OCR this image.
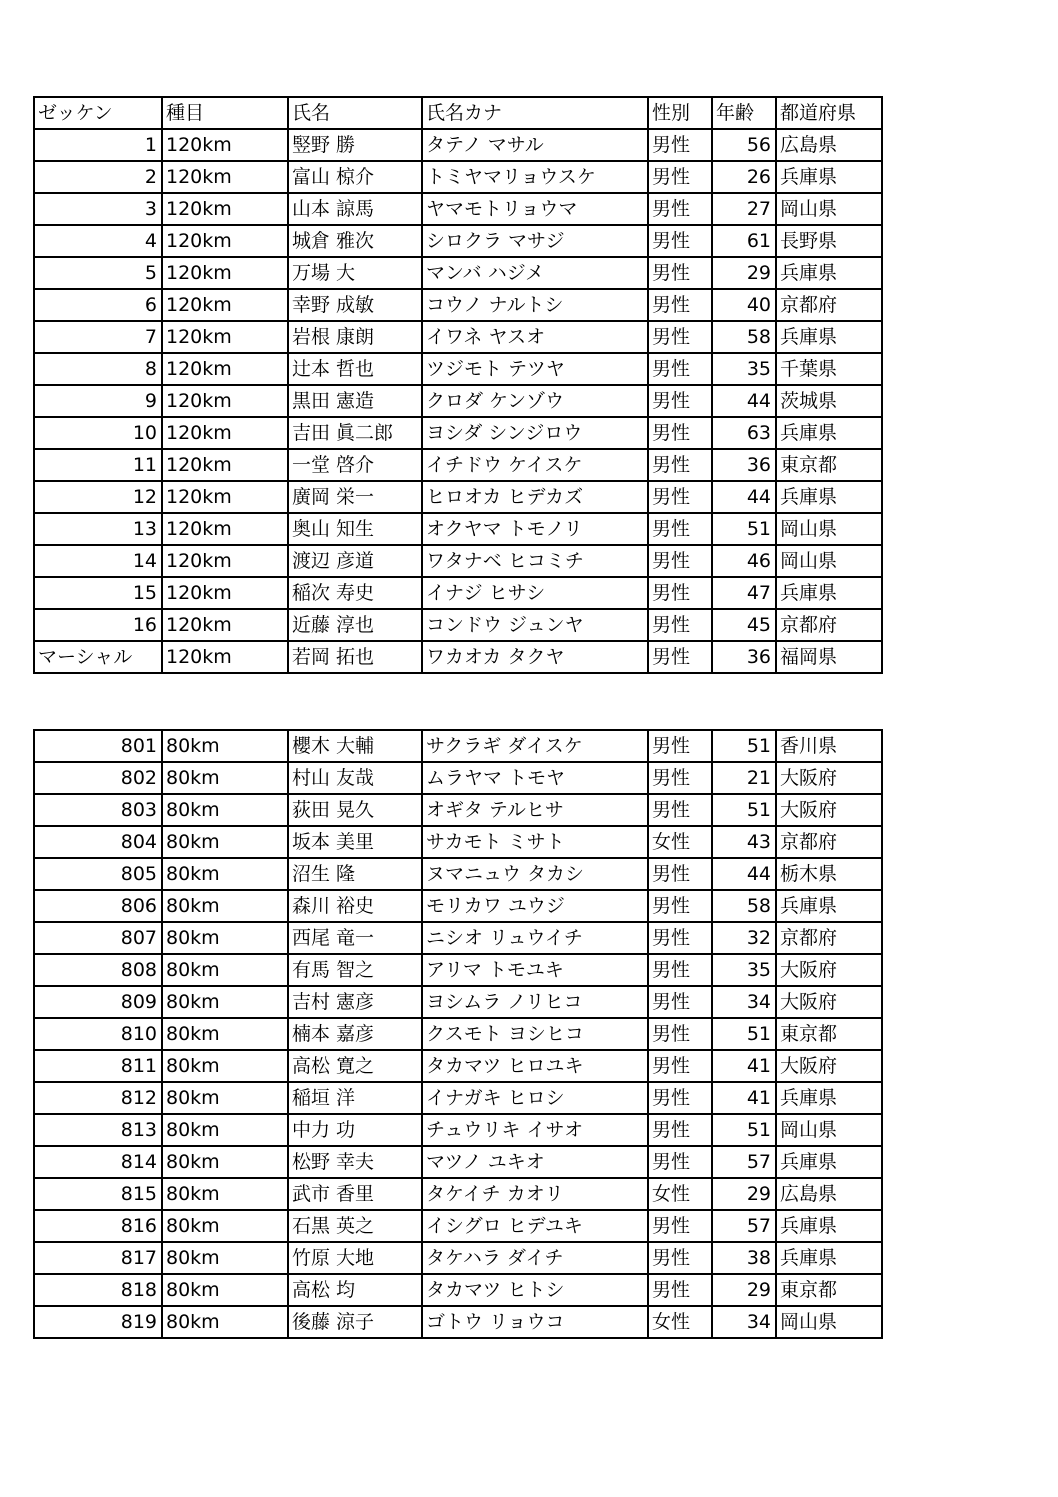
ゼッケン	種目	氏名	氏名カナ	性別	年齢	都道府県
1	120km	竪野 勝	タテノ マサル	男性	56	広島県
2	120km	富山 椋介	トミヤマリョウスケ	男性	26	兵庫県
3	120km	山本 諒馬	ヤマモトリョウマ	男性	27	岡山県
4	120km	城倉 雅次	シロクラ マサジ	男性	61	長野県
5	120km	万場 大	マンバ ハジメ	男性	29	兵庫県
6	120km	幸野 成敏	コウノ ナルトシ	男性	40	京都府
7	120km	岩根 康朗	イワネ ヤスオ	男性	58	兵庫県
8	120km	辻本 哲也	ツジモト テツヤ	男性	35	千葉県
9	120km	黒田 憲造	クロダ ケンゾウ	男性	44	茨城県
10	120km	吉田 眞二郎	ヨシダ シンジロウ	男性	63	兵庫県
11	120km	一堂 啓介	イチドウ ケイスケ	男性	36	東京都
12	120km	廣岡 栄一	ヒロオカ ヒデカズ	男性	44	兵庫県
13	120km	奥山 知生	オクヤマ トモノリ	男性	51	岡山県
14	120km	渡辺 彦道	ワタナベ ヒコミチ	男性	46	岡山県
15	120km	稲次 寿史	イナジ ヒサシ	男性	47	兵庫県
16	120km	近藤 淳也	コンドウ ジュンヤ	男性	45	京都府
マーシャル	120km	若岡 拓也	ワカオカ タクヤ	男性	36	福岡県
801	80km	櫻木 大輔	サクラギ ダイスケ	男性	51	香川県
802	80km	村山 友哉	ムラヤマ トモヤ	男性	21	大阪府
803	80km	荻田 晃久	オギタ テルヒサ	男性	51	大阪府
804	80km	坂本 美里	サカモト ミサト	女性	43	京都府
805	80km	沼生 隆	ヌマニュウ タカシ	男性	44	栃木県
806	80km	森川 裕史	モリカワ ユウジ	男性	58	兵庫県
807	80km	西尾 竜一	ニシオ リュウイチ	男性	32	京都府
808	80km	有馬 智之	アリマ トモユキ	男性	35	大阪府
809	80km	吉村 憲彦	ヨシムラ ノリヒコ	男性	34	大阪府
810	80km	楠本 嘉彦	クスモト ヨシヒコ	男性	51	東京都
811	80km	高松 寛之	タカマツ ヒロユキ	男性	41	大阪府
812	80km	稲垣 洋	イナガキ ヒロシ	男性	41	兵庫県
813	80km	中力 功	チュウリキ イサオ	男性	51	岡山県
814	80km	松野 幸夫	マツノ ユキオ	男性	57	兵庫県
815	80km	武市 香里	タケイチ カオリ	女性	29	広島県
816	80km	石黒 英之	イシグロ ヒデユキ	男性	57	兵庫県
817	80km	竹原 大地	タケハラ ダイチ	男性	38	兵庫県
818	80km	高松 均	タカマツ ヒトシ	男性	29	東京都
819	80km	後藤 涼子	ゴトウ リョウコ	女性	34	岡山県
